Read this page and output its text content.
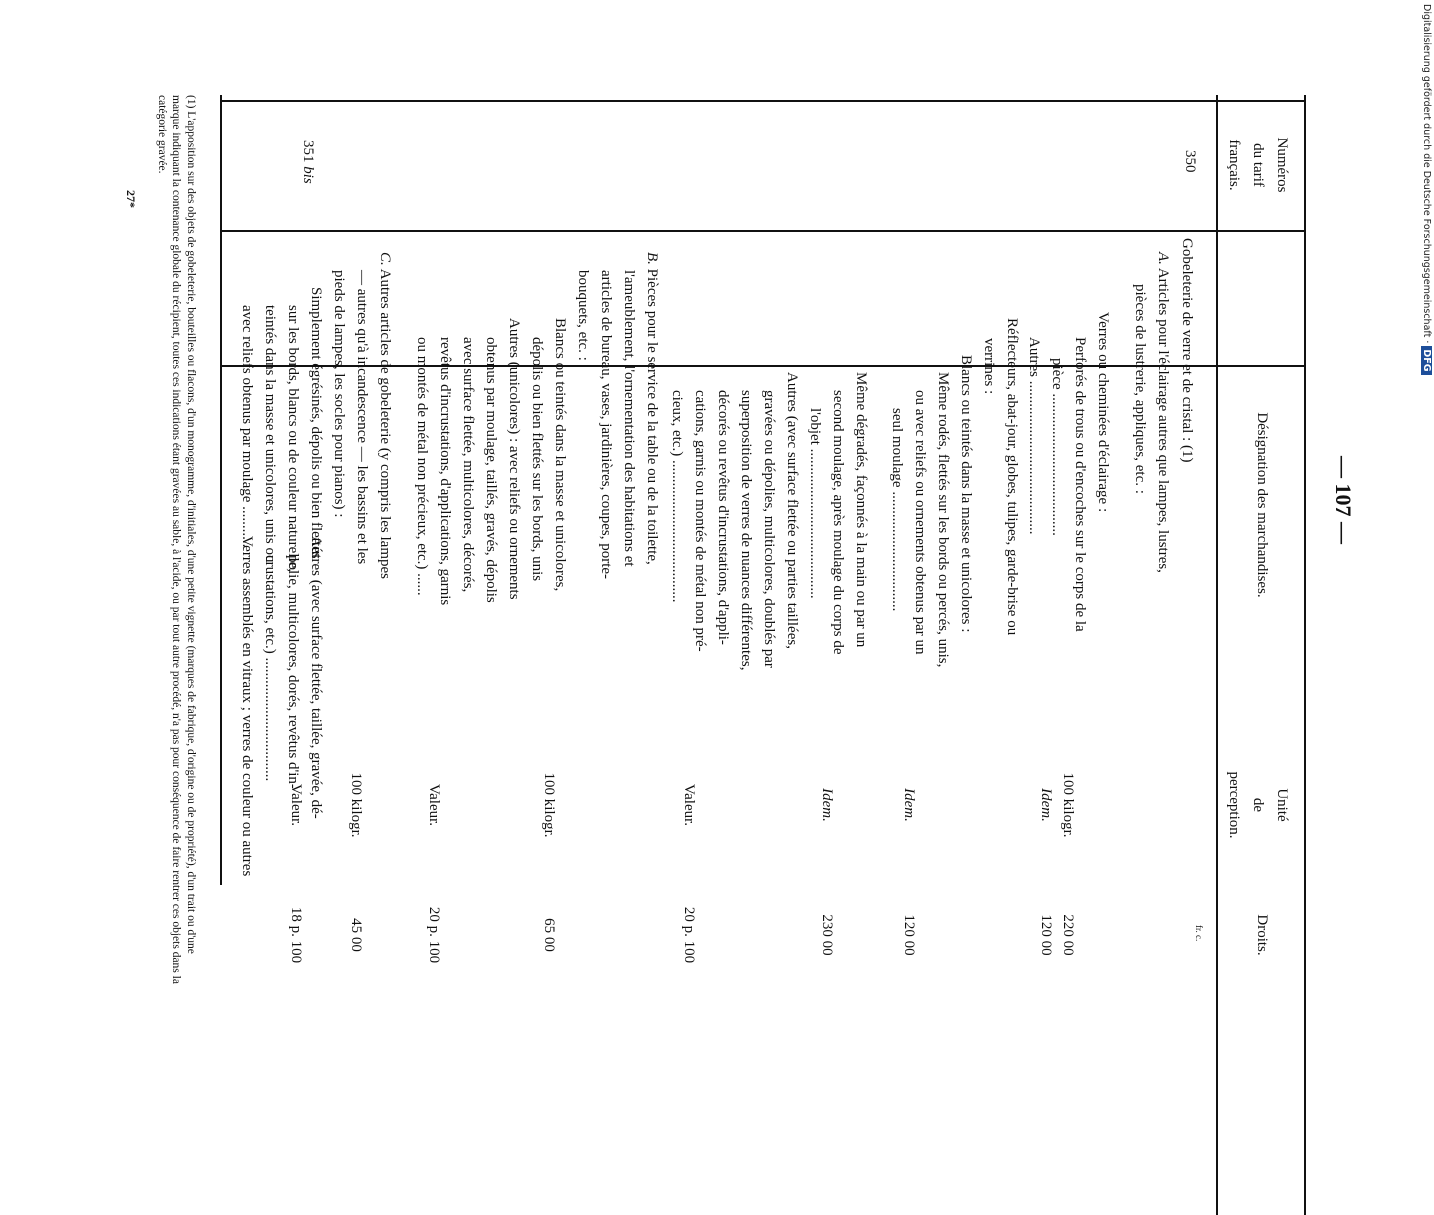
— 107 —
Numéros
du tarif
français.
Désignation des marchandises.
Unité
de
perception.
Droits.
fr. c.
350
351 bis
Gobeleterie de verre et de cristal : (1)
A. Articles pour l'éclairage autres que lampes, lustres,
pièces de lustrerie, appliques, etc. :
Verres ou cheminées d'éclairage :
Perforés de trous ou d'encoches sur le corps de la
pièce ......................................
Autres .........................................
Réflecteurs, abat-jour, globes, tulipes, garde-brise ou
verrines :
Blancs ou teintés dans la masse et unicolores :
Même rodés, flettés sur les bords ou percés, unis,
ou avec reliefs ou ornements obtenus par un
seul moulage ................................
Même dégradés, façonnés à la main ou par un
second moulage, après moulage du corps de
l'objet ........................................
Autres (avec surface flettée ou parties taillées,
gravées ou dépolies, multicolores, doublés par
superposition de verres de nuances différentes,
décorés ou revêtus d'incrustations, d'appli-
cations, garnis ou montés de métal non pré-
cieux, etc.) ......................................
B. Pièces pour le service de la table ou de la toilette,
l'ameublement, l'ornementation des habitations et
articles de bureau, vases, jardinières, coupes, porte-
bouquets, etc. :
Blancs ou teintés dans la masse et unicolores,
dépolis ou bien flettés sur les bords, unis
Autres (unicolores) : avec reliefs ou ornements
obtenus par moulage, taillés, gravés, dépolis
avec surface flettée, multicolores, décorés,
revêtus d'incrustations, d'applications, garnis
ou montés de métal non précieux, etc.) ......
C. Autres articles de gobeleterie (y compris les lampes
— autres qu'à incandescence — les bassins et les
pieds de lampes, les socles pour pianos) :
Simplement égrésinés, dépolis ou bien flettés
sur les bords, blancs ou de couleur naturelle,
teintés dans la masse et unicolores, unis ou
avec reliefs obtenus par moulage ...........
Autres (avec surface flettée, taillée, gravée, dé-
polie, multicolores, dorés, revêtus d'in-
crustations, etc.) .................................
Verres assemblés en vitraux ; verres de couleur ou autres	100 kilogr.
Idem.
Idem.
Idem.
Valeur.
100 kilogr.
Valeur.
100 kilogr.
Valeur.
220 00
120 00
120 00
230 00
20 p. 100
65 00
20 p. 100
45 00
18 p. 100
(1) L'apposition sur des objets de gobeleterie, bouteilles ou flacons, d'un monogramme, d'initiales, d'une petite vignette (marques de fabrique, d'origine ou de propriété), d'un trait ou d'une marque indiquant la contenance globale du récipient, toutes ces indications étant gravées au sable, à l'acide, ou par tout autre procédé, n'a pas pour conséquence de faire rentrer ces objets dans la catégorie gravée.
27*	Digitalisierung gefördert durch die Deutsche Forschungsgemeinschaft · DFG
